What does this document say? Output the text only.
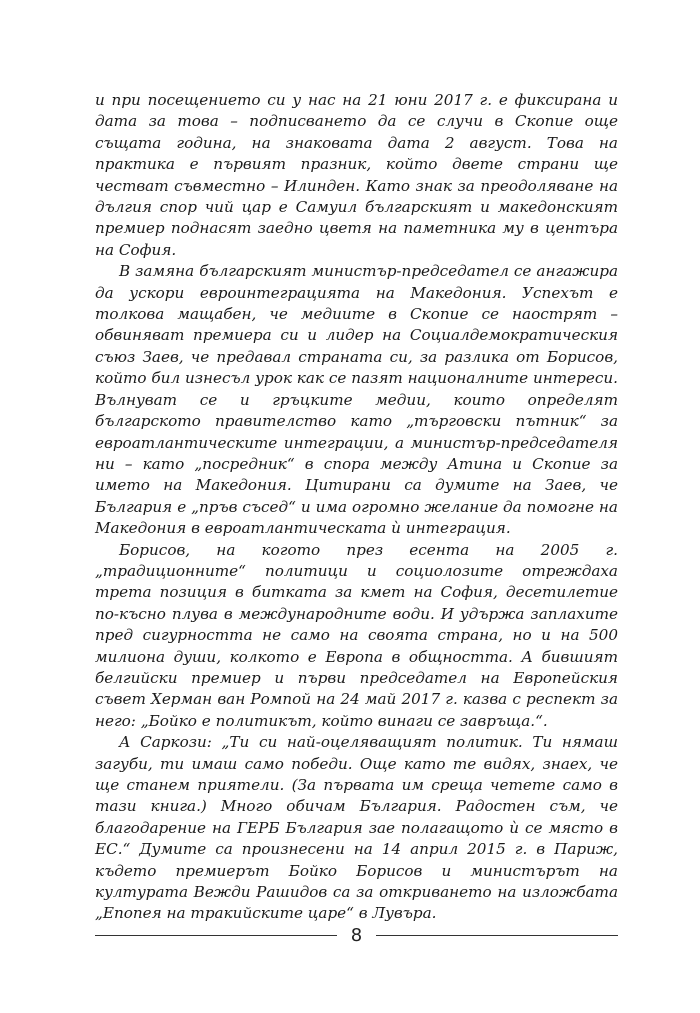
и при посещението си у нас на 21 юни 2017 г. е фиксирана и дата за това – подписването да се случи в Скопие още същата година, на знаковата дата 2 август. Това на практика е първият празник, който двете страни ще честват съвместно – Илинден. Като знак за преодоляване на дългия спор чий цар е Самуил българският и македонският премиер поднасят заедно цветя на паметника му в центъра на София.

В замяна българският министър-председател се ангажира да ускори евроинтеграцията на Македония. Успехът е толкова мащабен, че медиите в Скопие се наострят – обвиняват премиера си и лидер на Социалдемократическия съюз Заев, че предавал страната си, за разлика от Борисов, който бил изнесъл урок как се пазят националните интереси. Вълнуват се и гръцките медии, които определят българското правителство като „търговски пътник“ за евроатлантическите интеграции, а министър-председателя ни – като „посредник“ в спора между Атина и Скопие за името на Македония. Цитирани са думите на Заев, че България е „пръв съсед“ и има огромно желание да помогне на Македония в евроатлантическата ѝ интеграция.

Борисов, на когото през есента на 2005 г. „традиционните“ политици и социолозите отреждаха трета позиция в битката за кмет на София, десетилетие по-късно плува в международните води. И удържа заплахите пред сигурността не само на своята страна, но и на 500 милиона души, колкото е Европа в общността. А бившият белгийски премиер и първи председател на Европейския съвет Херман ван Ромпой на 24 май 2017 г. казва с респект за него: „Бойко е политикът, който винаги се завръща.“.

А Саркози: „Ти си най-оцеляващият политик. Ти нямаш загуби, ти имаш само победи. Още като те видях, знаех, че ще станем приятели. (За първата им среща четете само в тази книга.) Много обичам България. Радостен съм, че благодарение на ГЕРБ България зае полагащото ѝ се място в ЕС.“ Думите са произнесени на 14 април 2015 г. в Париж, където премиерът Бойко Борисов и министърът на културата Вежди Рашидов са за откриването на изложбата „Епопея на тракийските царе“ в Лувъра.

8
